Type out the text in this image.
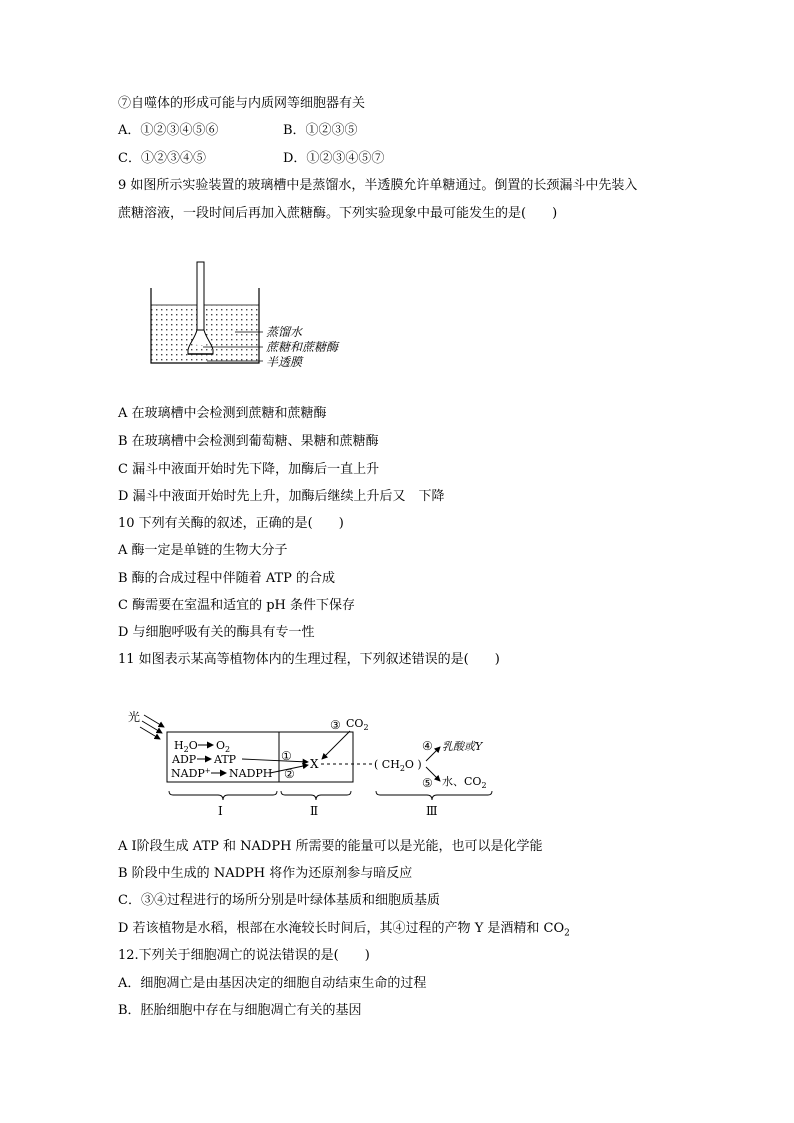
⑦自噬体的形成可能与内质网等细胞器有关
A．①②③④⑤⑥	B．①②③⑤
C．①②③④⑤	D．①②③④⑤⑦
9 如图所示实验装置的玻璃槽中是蒸馏水，半透膜允许单糖通过。倒置的长颈漏斗中先装入
蔗糖溶液，一段时间后再加入蔗糖酶。下列实验现象中最可能发生的是(　　)
蒸馏水
蔗糖和蔗糖酶
半透膜
A 在玻璃槽中会检测到蔗糖和蔗糖酶
B 在玻璃槽中会检测到葡萄糖、果糖和蔗糖酶
C 漏斗中液面开始时先下降，加酶后一直上升
D 漏斗中液面开始时先上升，加酶后继续上升后又　下降
10 下列有关酶的叙述，正确的是(　　)
A 酶一定是单链的生物大分子
B 酶的合成过程中伴随着 ATP 的合成
C 酶需要在室温和适宜的 pH 条件下保存
D 与细胞呼吸有关的酶具有专一性
11 如图表示某高等植物体内的生理过程，下列叙述错误的是(　　)
光
$H_2O$ $O_2$
ADP ATP
NADP+ NADPH
①
②
X
③ $CO_2$
( $CH_2O$ )
④
⑤
乳酸或Y
水、$CO_2$
Ⅰ	Ⅱ	Ⅲ
A Ⅰ阶段生成 ATP 和 NADPH 所需要的能量可以是光能，也可以是化学能
B 阶段中生成的 NADPH 将作为还原剂参与暗反应
C．③④过程进行的场所分别是叶绿体基质和细胞质基质
D 若该植物是水稻，根部在水淹较长时间后，其④过程的产物 Y 是酒精和 $CO_2$
12.下列关于细胞凋亡的说法错误的是(　　)
A．细胞凋亡是由基因决定的细胞自动结束生命的过程
B．胚胎细胞中存在与细胞凋亡有关的基因
